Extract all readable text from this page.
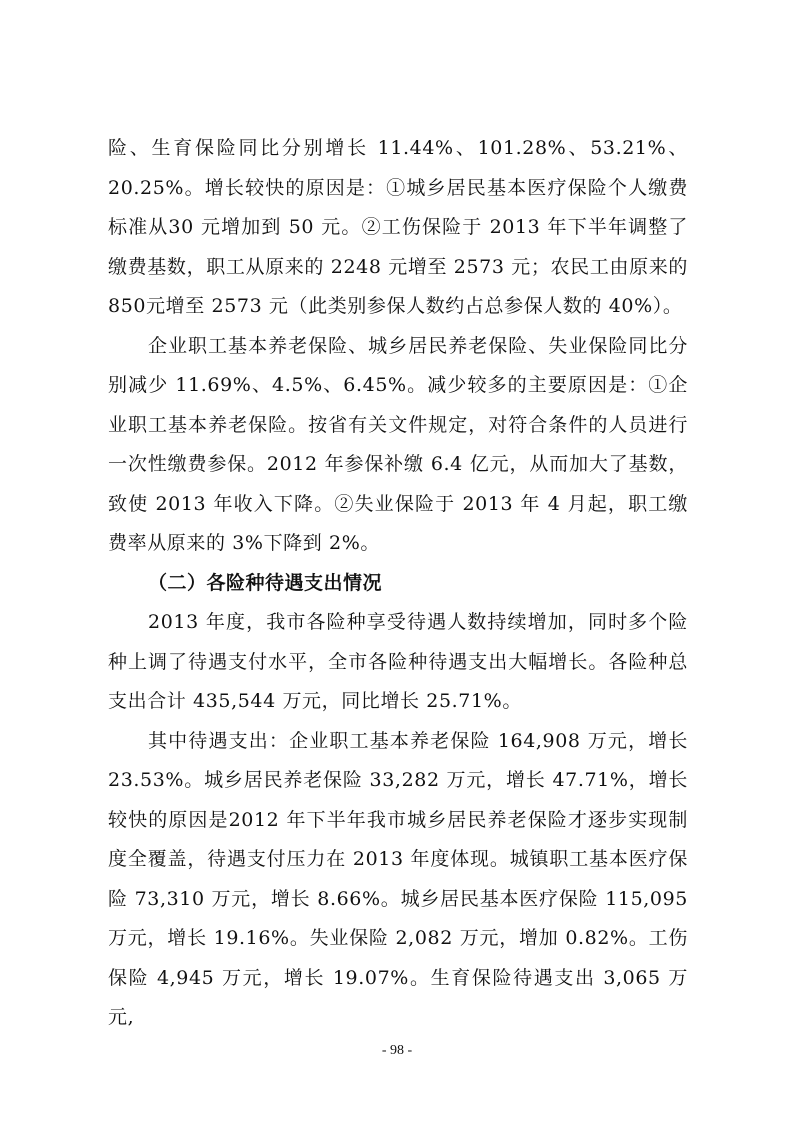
险、生育保险同比分别增长 11.44%、101.28%、53.21%、20.25%。增长较快的原因是：①城乡居民基本医疗保险个人缴费标准从30 元增加到 50 元。②工伤保险于 2013 年下半年调整了缴费基数，职工从原来的 2248 元增至 2573 元；农民工由原来的 850元增至 2573 元（此类别参保人数约占总参保人数的 40%）。

企业职工基本养老保险、城乡居民养老保险、失业保险同比分别减少 11.69%、4.5%、6.45%。减少较多的主要原因是：①企业职工基本养老保险。按省有关文件规定，对符合条件的人员进行一次性缴费参保。2012 年参保补缴 6.4 亿元，从而加大了基数，致使 2013 年收入下降。②失业保险于 2013 年 4 月起，职工缴费率从原来的 3%下降到 2%。

（二）各险种待遇支出情况

2013 年度，我市各险种享受待遇人数持续增加，同时多个险种上调了待遇支付水平，全市各险种待遇支出大幅增长。各险种总支出合计 435,544 万元，同比增长 25.71%。

其中待遇支出：企业职工基本养老保险 164,908 万元，增长23.53%。城乡居民养老保险 33,282 万元，增长 47.71%，增长较快的原因是2012 年下半年我市城乡居民养老保险才逐步实现制度全覆盖，待遇支付压力在 2013 年度体现。城镇职工基本医疗保险 73,310 万元，增长 8.66%。城乡居民基本医疗保险 115,095万元，增长 19.16%。失业保险 2,082 万元，增加 0.82%。工伤保险 4,945 万元，增长 19.07%。生育保险待遇支出 3,065 万元,

- 98 -
